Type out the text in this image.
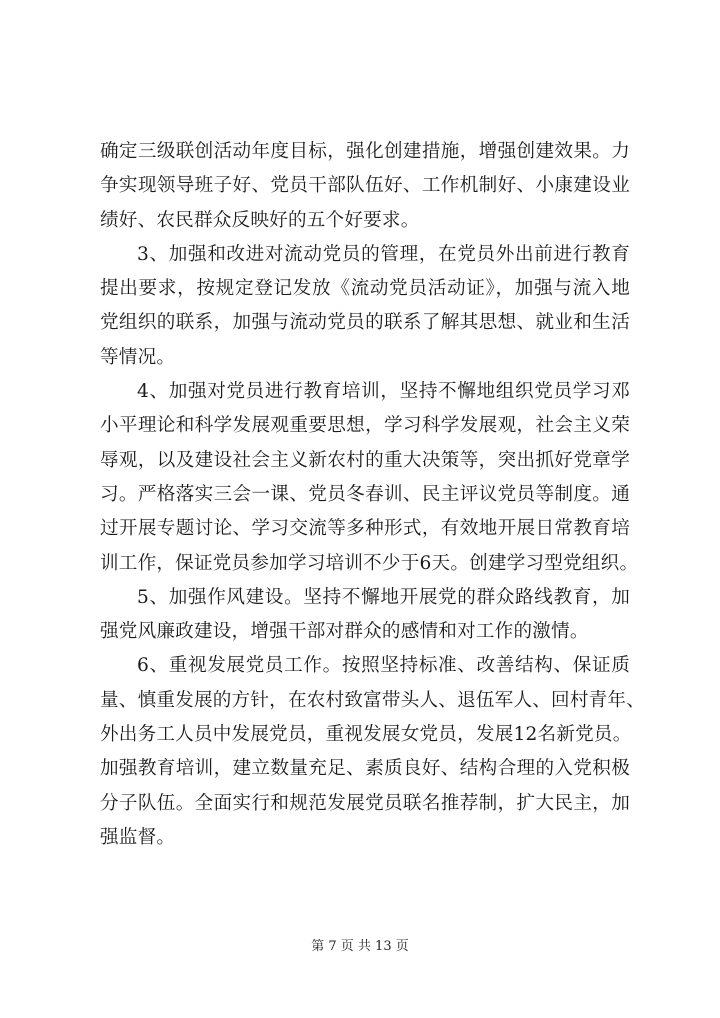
确定三级联创活动年度目标，强化创建措施，增强创建效果。力
争实现领导班子好、党员干部队伍好、工作机制好、小康建设业
绩好、农民群众反映好的五个好要求。
3、加强和改进对流动党员的管理，在党员外出前进行教育
提出要求，按规定登记发放《流动党员活动证》，加强与流入地
党组织的联系，加强与流动党员的联系了解其思想、就业和生活
等情况。
4、加强对党员进行教育培训，坚持不懈地组织党员学习邓
小平理论和科学发展观重要思想，学习科学发展观，社会主义荣
辱观，以及建设社会主义新农村的重大决策等，突出抓好党章学
习。严格落实三会一课、党员冬春训、民主评议党员等制度。通
过开展专题讨论、学习交流等多种形式，有效地开展日常教育培
训工作，保证党员参加学习培训不少于6天。创建学习型党组织。
5、加强作风建设。坚持不懈地开展党的群众路线教育，加
强党风廉政建设，增强干部对群众的感情和对工作的激情。
6、重视发展党员工作。按照坚持标准、改善结构、保证质
量、慎重发展的方针，在农村致富带头人、退伍军人、回村青年、
外出务工人员中发展党员，重视发展女党员，发展12名新党员。
加强教育培训，建立数量充足、素质良好、结构合理的入党积极
分子队伍。全面实行和规范发展党员联名推荐制，扩大民主，加
强监督。
第 7 页 共 13 页
